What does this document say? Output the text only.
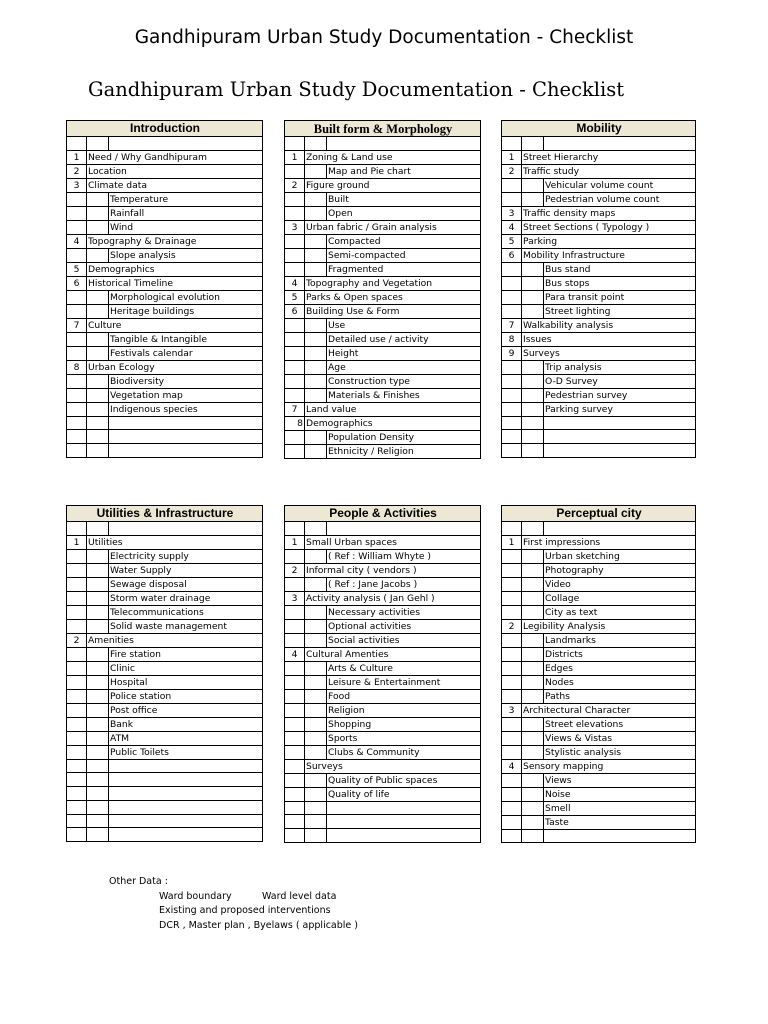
Gandhipuram Urban Study Documentation - Checklist
Gandhipuram Urban Study Documentation - Checklist
Introduction		

1	Need / Why Gandhipuram	
2	Location	
3	Climate data	
		Temperature
		Rainfall
		Wind
4	Topography & Drainage	
		Slope analysis
5	Demographics	
6	Historical Timeline	
		Morphological evolution
		Heritage buildings
7	Culture	
		Tangible & Intangible
		Festivals calendar
8	Urban Ecology	
		Biodiversity
		Vegetation map
		Indigenous species

Built form & Morphology		

1	Zoning & Land use	
		Map and Pie chart
2	Figure ground	
		Built
		Open
3	Urban fabric / Grain analysis	
		Compacted
		Semi-compacted
		Fragmented
4	Topography and Vegetation	
5	Parks & Open spaces	
6	Building Use & Form	
		Use
		Detailed use / activity
		Height
		Age
		Construction type
		Materials & Finishes
7	Land value	
8	Demographics	
		Population Density
		Ethnicity / Religion
Mobility		

1	Street Hierarchy	
2	Traffic study	
		Vehicular volume count
		Pedestrian volume count
3	Traffic density maps	
4	Street Sections ( Typology )	
5	Parking	
6	Mobility Infrastructure	
		Bus stand
		Bus stops
		Para transit point
		Street lighting
7	Walkability analysis	
8	Issues	
9	Surveys	
		Trip analysis
		O-D Survey
		Pedestrian survey
		Parking survey

Utilities & Infrastructure		

1	Utilities	
		Electricity supply
		Water Supply
		Sewage disposal
		Storm water drainage
		Telecommunications
		Solid waste management
2	Amenities	
		Fire station
		Clinic
		Hospital
		Police station
		Post office
		Bank
		ATM
		Public Toilets

People & Activities		

1	Small Urban spaces	
		( Ref : William Whyte )
2	Informal city ( vendors )	
		( Ref : Jane Jacobs )
3	Activity analysis ( Jan Gehl )	
		Necessary activities
		Optional activities
		Social activities
4	Cultural Amenties	
		Arts & Culture
		Leisure & Entertainment
		Food
		Religion
		Shopping
		Sports
		Clubs & Community
	Surveys	
		Quality of Public spaces
		Quality of life

Perceptual city		

1	First impressions	
		Urban sketching
		Photography
		Video
		Collage
		City as text
2	Legibility Analysis	
		Landmarks
		Districts
		Edges
		Nodes
		Paths
3	Architectural Character	
		Street elevations
		Views & Vistas
		Stylistic analysis
4	Sensory mapping	
		Views
		Noise
		Smell
		Taste

Other Data :
Ward boundary	Ward level data
Existing and proposed interventions
DCR , Master plan , Byelaws ( applicable )
